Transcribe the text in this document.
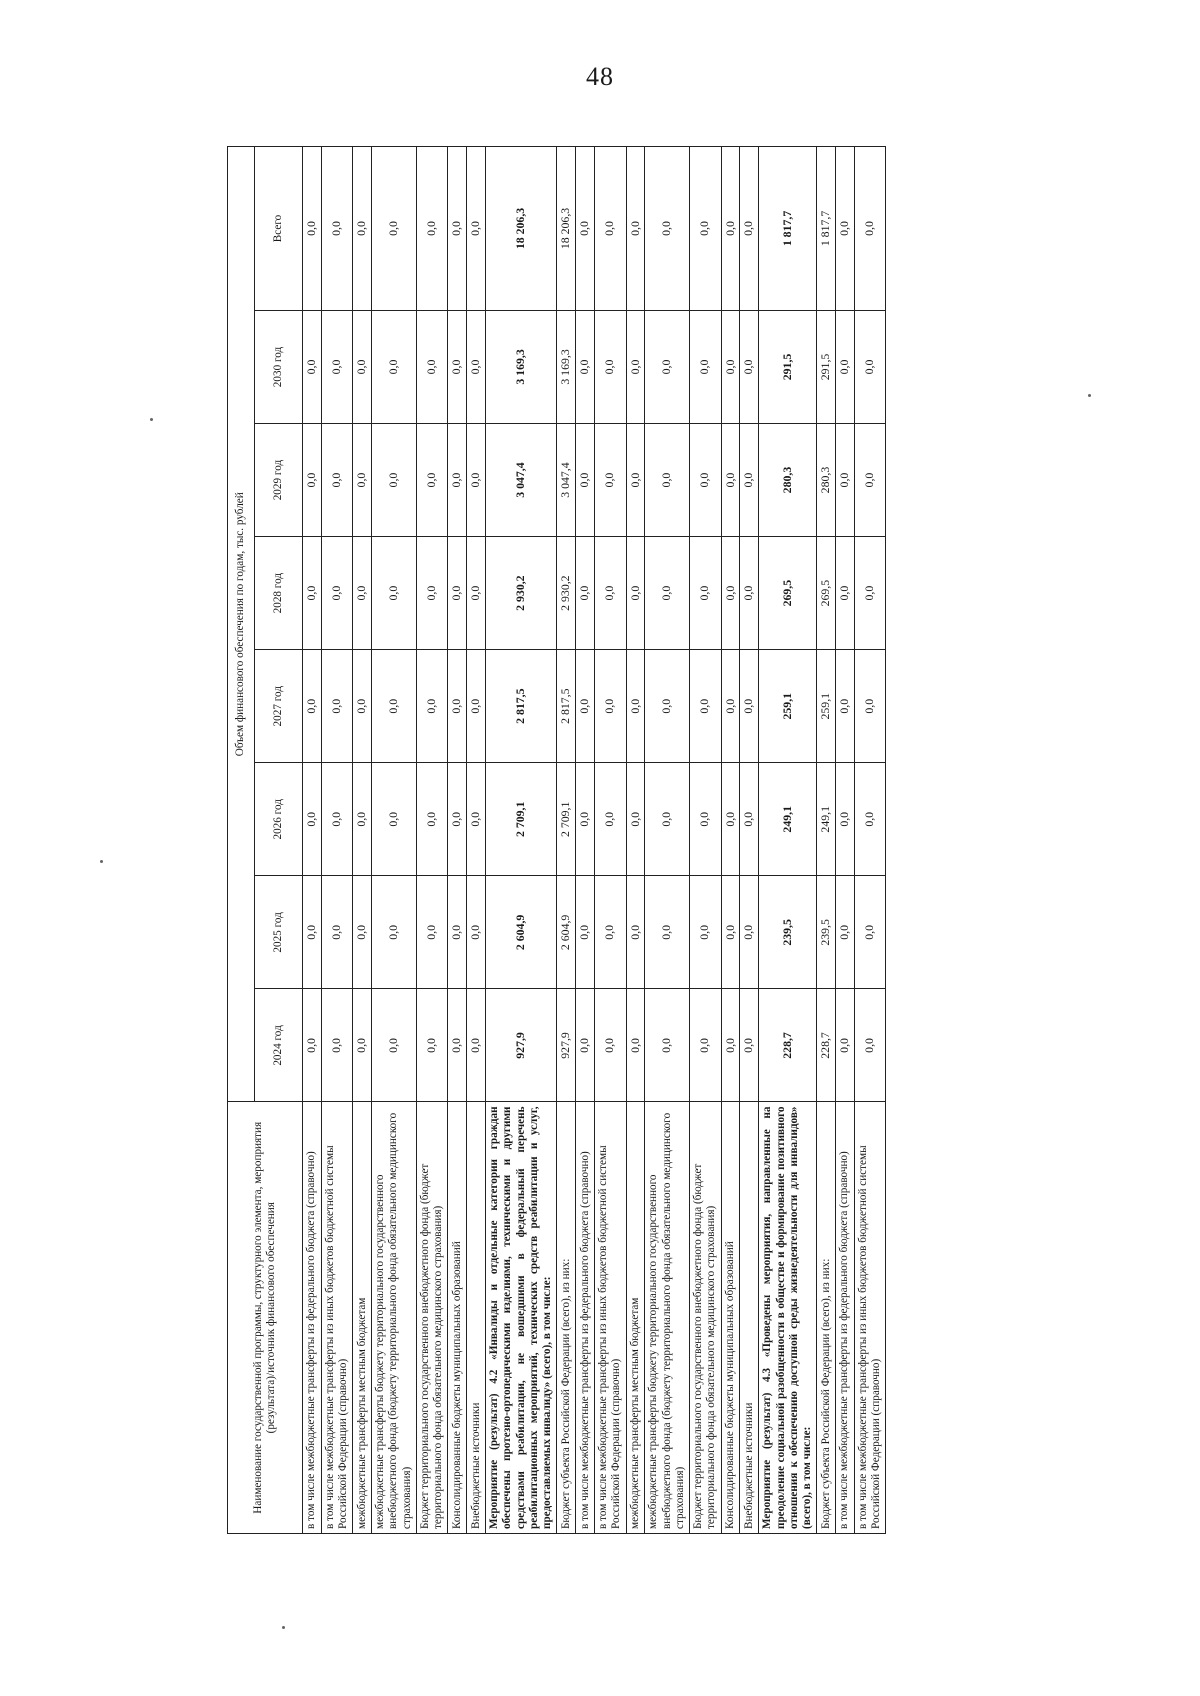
48
Наименование государственной программы, структурного элемента, мероприятия (результата)/источник финансового обеспечения	Объем финансового обеспечения по годам, тыс. рублей							
	2024 год	2025 год	2026 год	2027 год	2028 год	2029 год	2030 год	Всего
в том числе межбюджетные трансферты из федерального бюджета (справочно)	0,0	0,0	0,0	0,0	0,0	0,0	0,0	0,0
в том числе межбюджетные трансферты из иных бюджетов бюджетной системы Российской Федерации (справочно)	0,0	0,0	0,0	0,0	0,0	0,0	0,0	0,0
межбюджетные трансферты местным бюджетам	0,0	0,0	0,0	0,0	0,0	0,0	0,0	0,0
межбюджетные трансферты бюджету территориального государственного внебюджетного фонда (бюджету территориального фонда обязательного медицинского страхования)	0,0	0,0	0,0	0,0	0,0	0,0	0,0	0,0
Бюджет территориального государственного внебюджетного фонда (бюджет территориального фонда обязательного медицинского страхования)	0,0	0,0	0,0	0,0	0,0	0,0	0,0	0,0
Консолидированные бюджеты муниципальных образований	0,0	0,0	0,0	0,0	0,0	0,0	0,0	0,0
Внебюджетные источники	0,0	0,0	0,0	0,0	0,0	0,0	0,0	0,0
Мероприятие (результат) 4.2 «Инвалиды и отдельные категории граждан обеспечены протезно-ортопедическими изделиями, техническими и другими средствами реабилитации, не вошедшими в федеральный перечень реабилитационных мероприятий, технических средств реабилитации и услуг, предоставляемых инвалиду» (всего), в том числе:	927,9	2 604,9	2 709,1	2 817,5	2 930,2	3 047,4	3 169,3	18 206,3
Бюджет субъекта Российской Федерации (всего), из них:	927,9	2 604,9	2 709,1	2 817,5	2 930,2	3 047,4	3 169,3	18 206,3
в том числе межбюджетные трансферты из федерального бюджета (справочно)	0,0	0,0	0,0	0,0	0,0	0,0	0,0	0,0
в том числе межбюджетные трансферты из иных бюджетов бюджетной системы Российской Федерации (справочно)	0,0	0,0	0,0	0,0	0,0	0,0	0,0	0,0
межбюджетные трансферты местным бюджетам	0,0	0,0	0,0	0,0	0,0	0,0	0,0	0,0
межбюджетные трансферты бюджету территориального государственного внебюджетного фонда (бюджету территориального фонда обязательного медицинского страхования)	0,0	0,0	0,0	0,0	0,0	0,0	0,0	0,0
Бюджет территориального государственного внебюджетного фонда (бюджет территориального фонда обязательного медицинского страхования)	0,0	0,0	0,0	0,0	0,0	0,0	0,0	0,0
Консолидированные бюджеты муниципальных образований	0,0	0,0	0,0	0,0	0,0	0,0	0,0	0,0
Внебюджетные источники	0,0	0,0	0,0	0,0	0,0	0,0	0,0	0,0
Мероприятие (результат) 4.3 «Проведены мероприятия, направленные на преодоление социальной разобщенности в обществе и формирование позитивного отношения к обеспечению доступной среды жизнедеятельности для инвалидов» (всего), в том числе:	228,7	239,5	249,1	259,1	269,5	280,3	291,5	1 817,7
Бюджет субъекта Российской Федерации (всего), из них:	228,7	239,5	249,1	259,1	269,5	280,3	291,5	1 817,7
в том числе межбюджетные трансферты из федерального бюджета (справочно)	0,0	0,0	0,0	0,0	0,0	0,0	0,0	0,0
в том числе межбюджетные трансферты из иных бюджетов бюджетной системы Российской Федерации (справочно)	0,0	0,0	0,0	0,0	0,0	0,0	0,0	0,0
